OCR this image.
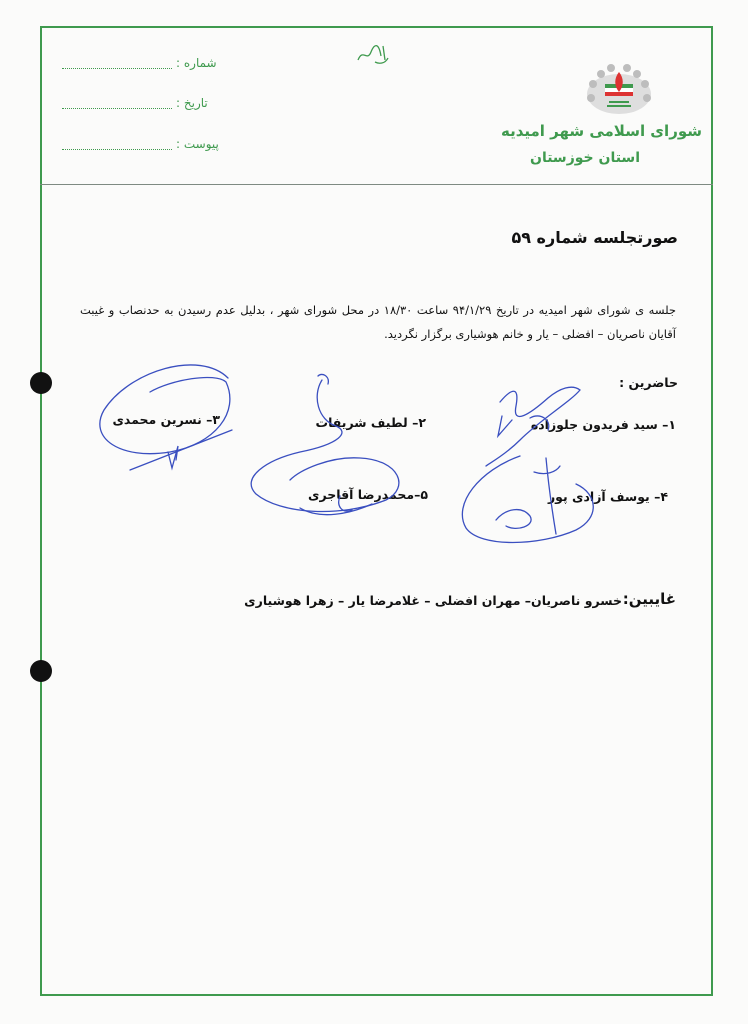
شماره :
تاریخ :
پیوست :
شورای اسلامی شهر امیدیه
استان خوزستان
صورتجلسه شماره ۵۹
جلسه ی شورای شهر امیدیه در تاریخ ۹۴/۱/۲۹ ساعت ۱۸/۳۰ در محل شورای شهر ، بدلیل عدم رسیدن به حدنصاب و غیبت آقایان ناصریان – افضلی – یار و خانم هوشیاری برگزار نگردید.
حاضرین :
۱– سید فریدون جلوزاده
۲– لطیف شریفات
۳– نسرین محمدی
۴– یوسف آزادی پور
۵–محمدرضا آقاجری
غایبین:
خسرو ناصریان– مهران افضلی – غلامرضا یار – زهرا هوشیاری
